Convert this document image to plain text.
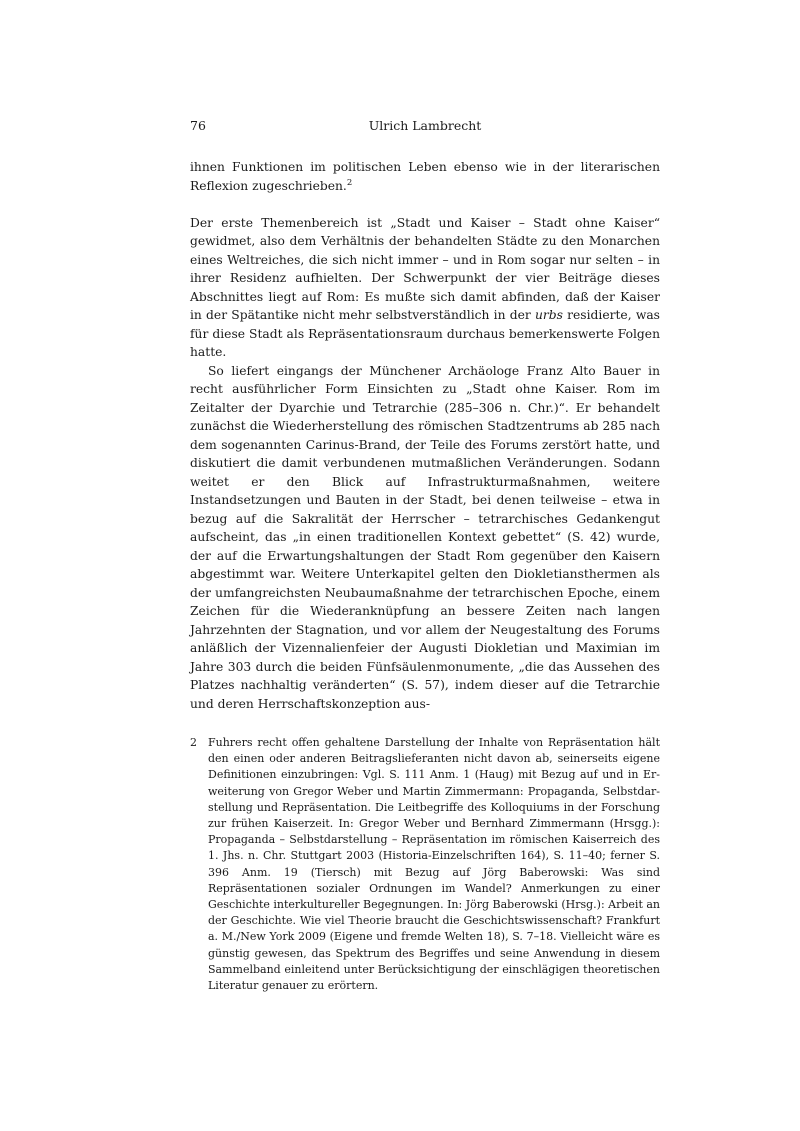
76	Ulrich Lambrecht

ihnen Funktionen im politischen Leben ebenso wie in der literarischen Reflexion zugeschrieben.$^2$

Der erste Themenbereich ist „Stadt und Kaiser – Stadt ohne Kaiser“ gewidmet, also dem Verhältnis der behandelten Städte zu den Monarchen eines Weltreiches, die sich nicht immer – und in Rom sogar nur selten – in ihrer Residenz aufhielten. Der Schwerpunkt der vier Beiträge dieses Abschnittes liegt auf Rom: Es mußte sich damit abfinden, daß der Kaiser in der Spätantike nicht mehr selbstverständlich in der urbs residierte, was für diese Stadt als Repräsentationsraum durchaus bemerkenswerte Folgen hatte.

So liefert eingangs der Münchener Archäologe Franz Alto Bauer in recht ausführlicher Form Einsichten zu „Stadt ohne Kaiser. Rom im Zeitalter der Dyarchie und Tetrarchie (285–306 n. Chr.)“. Er behandelt zunächst die Wiederherstellung des römischen Stadtzentrums ab 285 nach dem sogenannten Carinus-Brand, der Teile des Forums zerstört hatte, und diskutiert die damit verbundenen mutmaßlichen Veränderungen. Sodann weitet er den Blick auf Infrastrukturmaßnahmen, weitere Instandsetzungen und Bauten in der Stadt, bei denen teilweise – etwa in bezug auf die Sakralität der Herrscher – tetrarchisches Gedankengut aufscheint, das „in einen traditionellen Kontext gebettet“ (S. 42) wurde, der auf die Erwartungshaltungen der Stadt Rom gegenüber den Kaisern abgestimmt war. Weitere Unterkapitel gelten den Diokletiansthermen als der umfangreichsten Neubaumaßnahme der tetrarchischen Epoche, einem Zeichen für die Wiederanknüpfung an bessere Zeiten nach langen Jahrzehnten der Stagnation, und vor allem der Neugestaltung des Forums anläßlich der Vizennalienfeier der Augusti Diokletian und Maximian im Jahre 303 durch die beiden Fünfsäulenmonumente, „die das Aussehen des Platzes nachhaltig veränderten“ (S. 57), indem dieser auf die Tetrarchie und deren Herrschaftskonzeption aus-

2 Fuhrers recht offen gehaltene Darstellung der Inhalte von Repräsentation hält den einen oder anderen Beitragslieferanten nicht davon ab, seinerseits eigene Definitionen einzubringen: Vgl. S. 111 Anm. 1 (Haug) mit Bezug auf und in Erweiterung von Gregor Weber und Martin Zimmermann: Propaganda, Selbstdarstellung und Repräsentation. Die Leitbegriffe des Kolloquiums in der Forschung zur frühen Kaiserzeit. In: Gregor Weber und Bernhard Zimmermann (Hrsgg.): Propaganda – Selbstdarstellung – Repräsentation im römischen Kaiserreich des 1. Jhs. n. Chr. Stuttgart 2003 (Historia-Einzelschriften 164), S. 11–40; ferner S. 396 Anm. 19 (Tiersch) mit Bezug auf Jörg Baberowski: Was sind Repräsentationen sozialer Ordnungen im Wandel? Anmerkungen zu einer Geschichte interkultureller Begegnungen. In: Jörg Baberowski (Hrsg.): Arbeit an der Geschichte. Wie viel Theorie braucht die Geschichtswissenschaft? Frankfurt a. M./New York 2009 (Eigene und fremde Welten 18), S. 7–18. Vielleicht wäre es günstig gewesen, das Spektrum des Begriffes und seine Anwendung in diesem Sammelband einleitend unter Berücksichtigung der einschlägigen theoretischen Literatur genauer zu erörtern.
